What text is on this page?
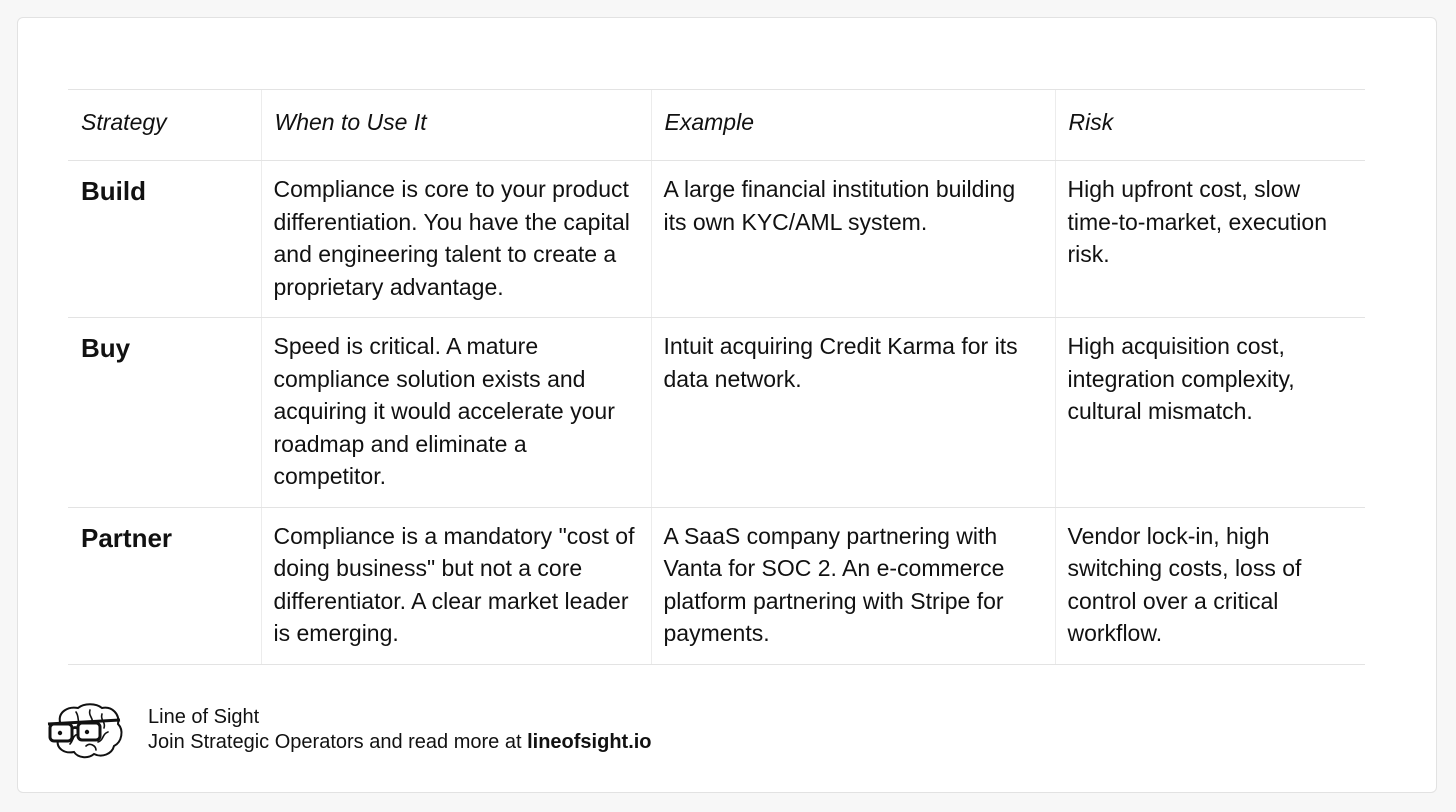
Strategy	When to Use It	Example	Risk
Build	Compliance is core to your product differentiation. You have the capital and engineering talent to create a proprietary advantage.	A large financial institution building its own KYC/AML system.	High upfront cost, slow time-to-market, execution risk.
Buy	Speed is critical. A mature compliance solution exists and acquiring it would accelerate your roadmap and eliminate a competitor.	Intuit acquiring Credit Karma for its data network.	High acquisition cost, integration complexity, cultural mismatch.
Partner	Compliance is a mandatory "cost of doing business" but not a core differentiator. A clear market leader is emerging.	A SaaS company partnering with Vanta for SOC 2. An e-commerce platform partnering with Stripe for payments.	Vendor lock-in, high switching costs, loss of control over a critical workflow.
Line of Sight
Join Strategic Operators and read more at lineofsight.io
